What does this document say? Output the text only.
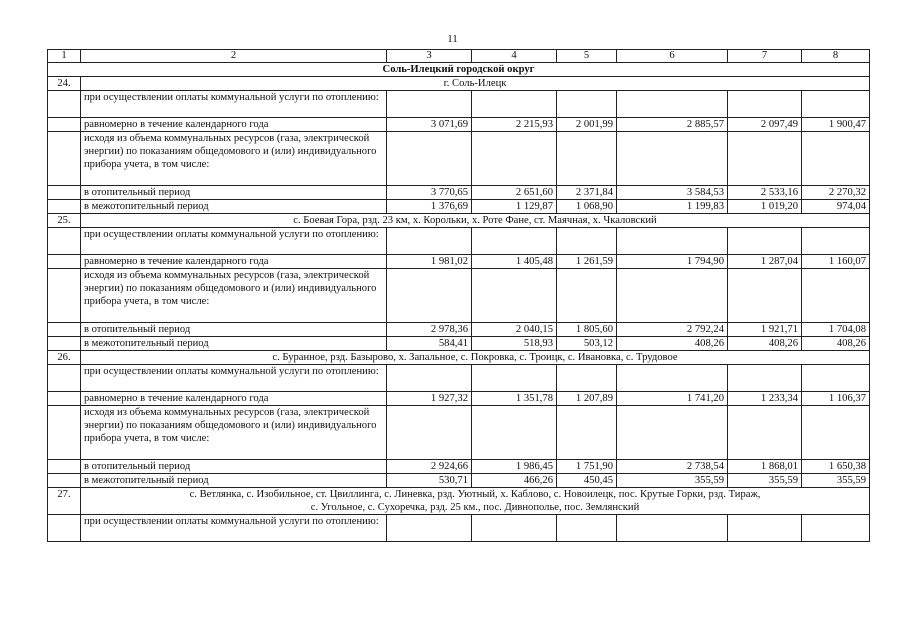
11
1	2	3	4	5	6	7	8
Соль-Илецкий городской округ							
24.	г. Соль-Илецк						

	при осуществлении оплаты коммунальной услуги по отоплению:						
	равномерно в течение календарного года	3 071,69	2 215,93	2 001,99	2 885,57	2 097,49	1 900,47
	исходя из объема коммунальных ресурсов (газа, электрической энергии) по показаниям общедомового и (или) индивидуального прибора учета, в том числе:						
	в отопительный период	3 770,65	2 651,60	2 371,84	3 584,53	2 533,16	2 270,32
	в межотопительный период	1 376,69	1 129,87	1 068,90	1 199,83	1 019,20	974,04
25.	с. Боевая Гора, рзд. 23 км, х. Корольки, х. Роте Фане, ст. Маячная, х. Чкаловский						

	при осуществлении оплаты коммунальной услуги по отоплению:						
	равномерно в течение календарного года	1 981,02	1 405,48	1 261,59	1 794,90	1 287,04	1 160,07
	исходя из объема коммунальных ресурсов (газа, электрической энергии) по показаниям общедомового и (или) индивидуального прибора учета, в том числе:						
	в отопительный период	2 978,36	2 040,15	1 805,60	2 792,24	1 921,71	1 704,08
	в межотопительный период	584,41	518,93	503,12	408,26	408,26	408,26
26.	с. Буранное, рзд. Базырово, х. Запальное, с. Покровка, с. Троицк, с. Ивановка, с. Трудовое						

	при осуществлении оплаты коммунальной услуги по отоплению:						
	равномерно в течение календарного года	1 927,32	1 351,78	1 207,89	1 741,20	1 233,34	1 106,37
	исходя из объема коммунальных ресурсов (газа, электрической энергии) по показаниям общедомового и (или) индивидуального прибора учета, в том числе:						
	в отопительный период	2 924,66	1 986,45	1 751,90	2 738,54	1 868,01	1 650,38
	в межотопительный период	530,71	466,26	450,45	355,59	355,59	355,59
27.	с. Ветлянка, с. Изобильное, ст. Цвиллинга, с. Линевка, рзд. Уютный, х. Каблово, с. Новоилецк, пос. Крутые Горки, рзд. Тираж,
с. Угольное, с. Сухоречка, рзд. 25 км., пос. Дивнополье, пос. Землянский						

	при осуществлении оплаты коммунальной услуги по отоплению:						
